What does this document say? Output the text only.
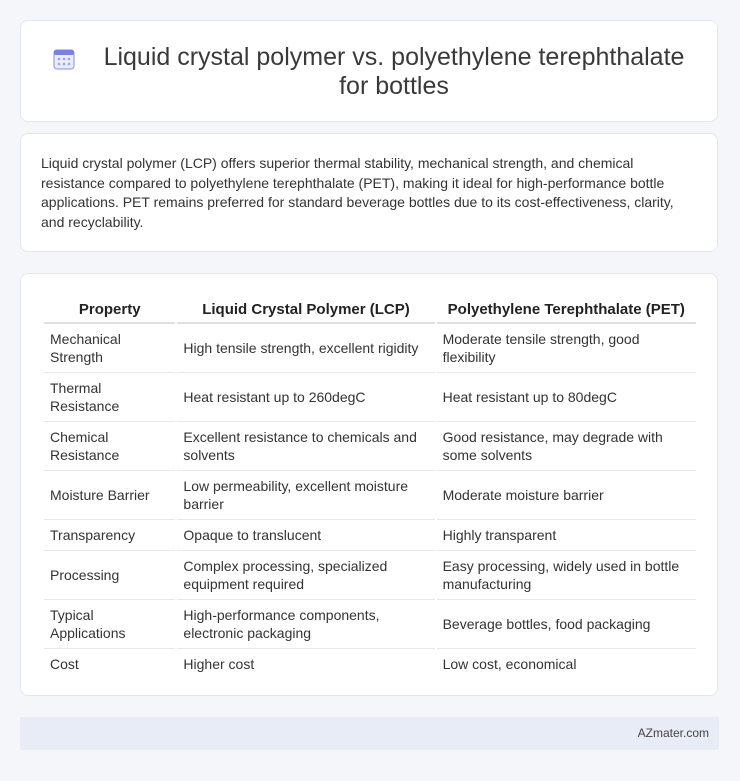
Liquid crystal polymer vs. polyethylene terephthalate for bottles

Liquid crystal polymer (LCP) offers superior thermal stability, mechanical strength, and chemical resistance compared to polyethylene terephthalate (PET), making it ideal for high-performance bottle applications. PET remains preferred for standard beverage bottles due to its cost-effectiveness, clarity, and recyclability.

Property	Liquid Crystal Polymer (LCP)	Polyethylene Terephthalate (PET)
Mechanical Strength	High tensile strength, excellent rigidity	Moderate tensile strength, good flexibility
Thermal Resistance	Heat resistant up to 260degC	Heat resistant up to 80degC
Chemical Resistance	Excellent resistance to chemicals and solvents	Good resistance, may degrade with some solvents
Moisture Barrier	Low permeability, excellent moisture barrier	Moderate moisture barrier
Transparency	Opaque to translucent	Highly transparent
Processing	Complex processing, specialized equipment required	Easy processing, widely used in bottle manufacturing
Typical Applications	High-performance components, electronic packaging	Beverage bottles, food packaging
Cost	Higher cost	Low cost, economical
AZmater.com
